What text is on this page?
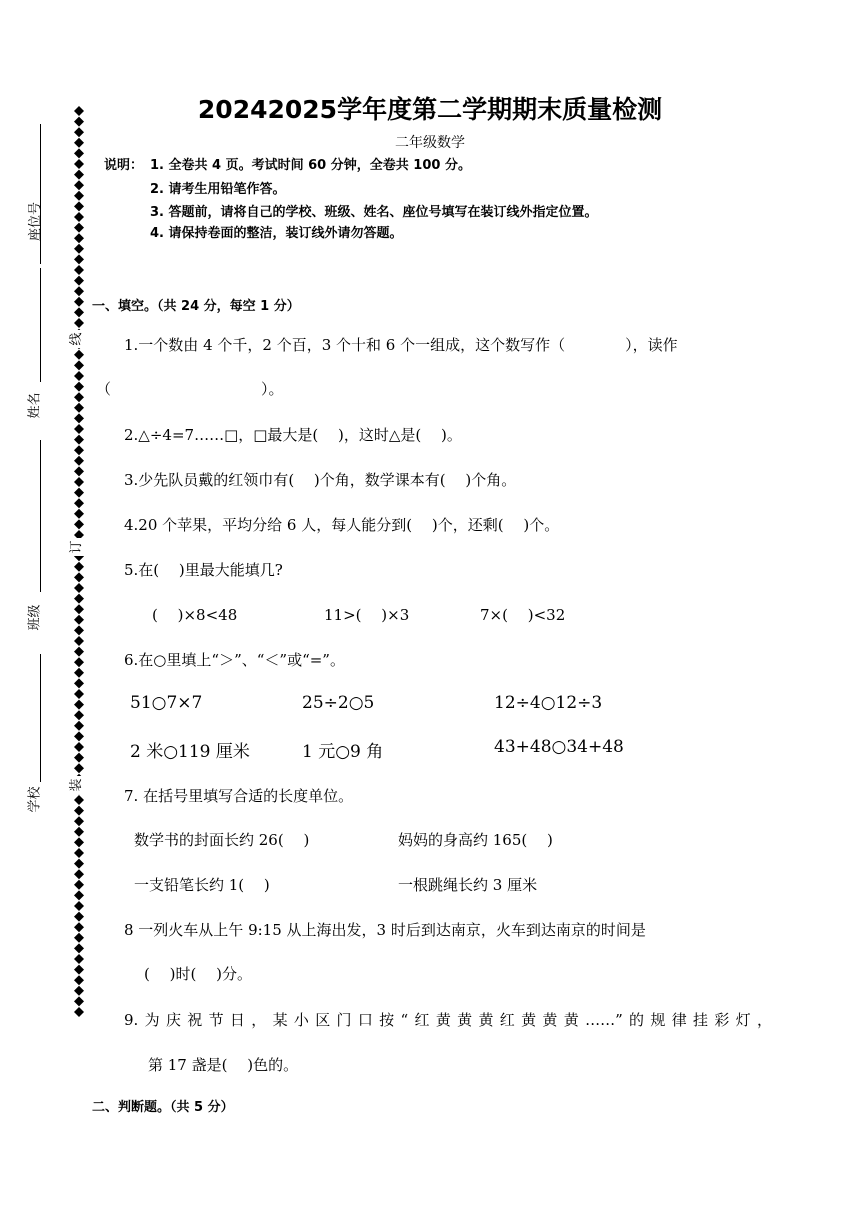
座位号
姓名
班级
学校
线
订
装
20242025学年度第二学期期末质量检测
二年级数学
说明： 1. 全卷共 4 页。考试时间 60 分钟，全卷共 100 分。
2. 请考生用铅笔作答。
3. 答题前，请将自己的学校、班级、姓名、座位号填写在装订线外指定位置。
4. 请保持卷面的整洁，装订线外请勿答题。
一、填空。（共 24 分，每空 1 分）
1.一个数由 4 个千，2 个百，3 个十和 6 个一组成，这个数写作（　　　　），读作
（　　　　　　　　　　）。
2.△÷4=7……□，□最大是(　 )，这时△是(　 )。
3.少先队员戴的红领巾有(　 )个角，数学课本有(　 )个角。
4.20 个苹果，平均分给 6 人，每人能分到(　 )个，还剩(　 )个。
5.在(　 )里最大能填几?
(　 )×8<48	11>(　 )×3	7×(　 )<32
6.在○里填上“＞”、“＜”或“=”。
51○7×7	25÷2○5	12÷4○12÷3
2 米○119 厘米	1 元○9 角	43+48○34+48
7. 在括号里填写合适的长度单位。
数学书的封面长约 26(　 )	妈妈的身高约 165(　 )
一支铅笔长约 1(　 )	一根跳绳长约 3 厘米
8 一列火车从上午 9:15 从上海出发，3 时后到达南京，火车到达南京的时间是
(　 )时(　 )分。
9.为庆祝节日，某小区门口按“红黄黄黄红黄黄黄……”的规律挂彩灯，
第 17 盏是(　 )色的。
二、判断题。（共 5 分）
